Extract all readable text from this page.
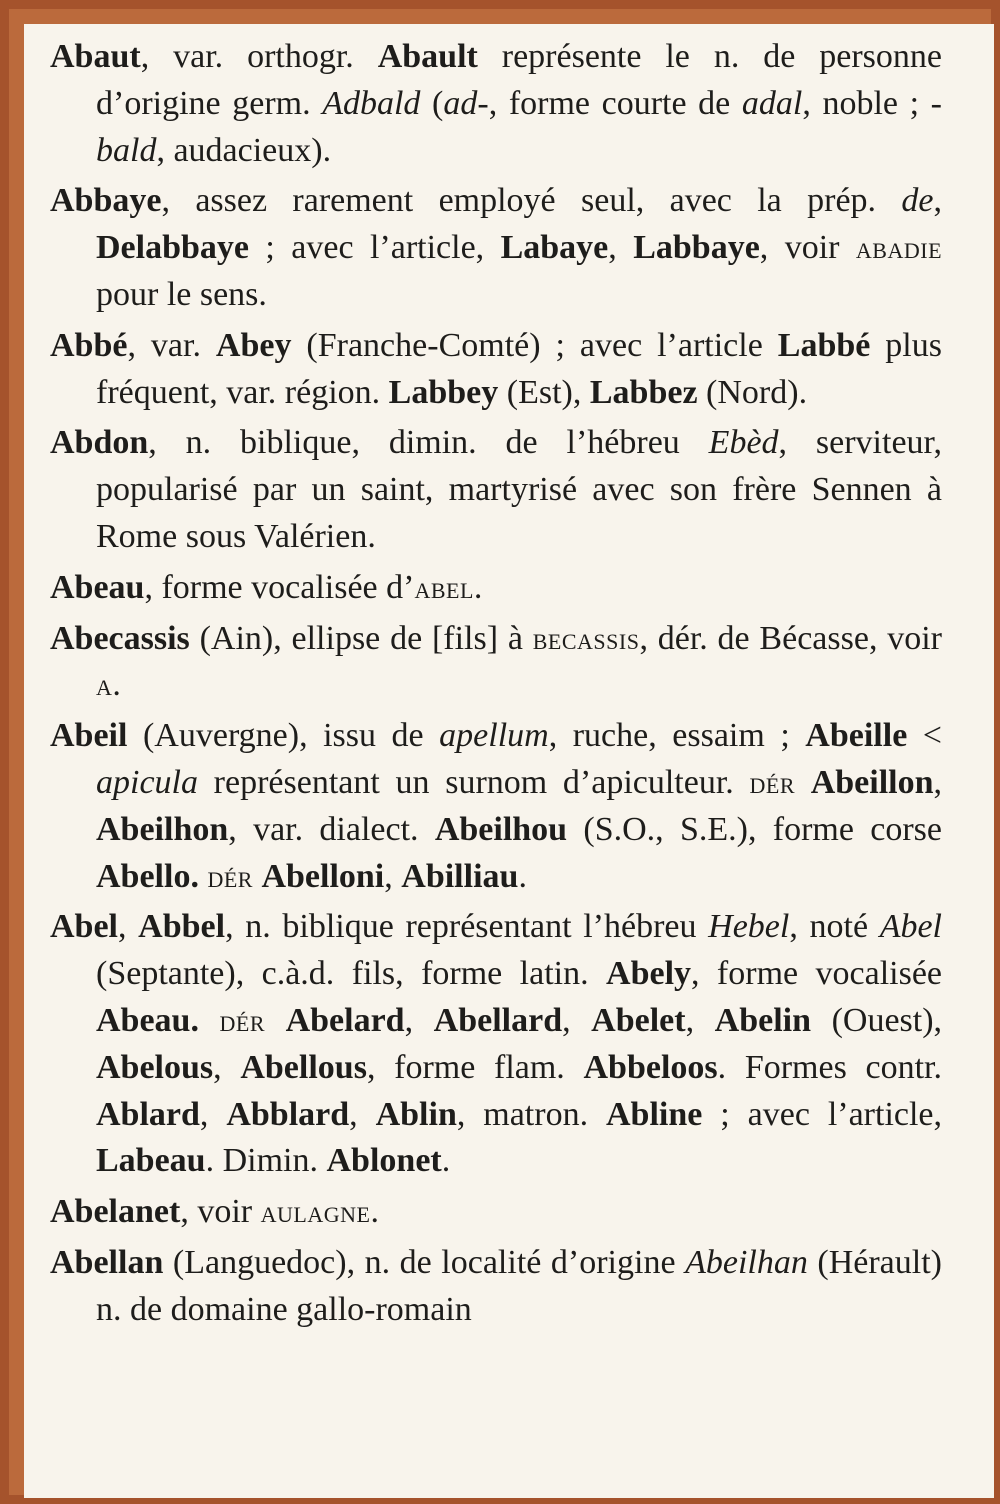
Abaut, var. orthogr. Abault représente le n. de personne d’origine germ. Adbald (ad-, forme courte de adal, noble ; -bald, audacieux).

Abbaye, assez rarement employé seul, avec la prép. de, Delabbaye ; avec l’article, Labaye, Labbaye, voir abadie pour le sens.

Abbé, var. Abey (Franche-Comté) ; avec l’article Labbé plus fréquent, var. région. Labbey (Est), Labbez (Nord).

Abdon, n. biblique, dimin. de l’hébreu Ebèd, serviteur, popularisé par un saint, martyrisé avec son frère Sennen à Rome sous Valérien.

Abeau, forme vocalisée d’abel.

Abecassis (Ain), ellipse de [fils] à becassis, dér. de Bécasse, voir a.

Abeil (Auvergne), issu de apellum, ruche, essaim ; Abeille < apicula représentant un surnom d’apiculteur. dér Abeillon, Abeilhon, var. dialect. Abeilhou (S.O., S.E.), forme corse Abello. dér Abelloni, Abilliau.

Abel, Abbel, n. biblique représentant l’hébreu Hebel, noté Abel (Septante), c.à.d. fils, forme latin. Abely, forme vocalisée Abeau. dér Abelard, Abellard, Abelet, Abelin (Ouest), Abelous, Abellous, forme flam. Abbeloos. Formes contr. Ablard, Abblard, Ablin, matron. Abline ; avec l’article, Labeau. Dimin. Ablonet.

Abelanet, voir aulagne.

Abellan (Languedoc), n. de localité d’origine Abeilhan (Hérault) n. de domaine gallo-romain
